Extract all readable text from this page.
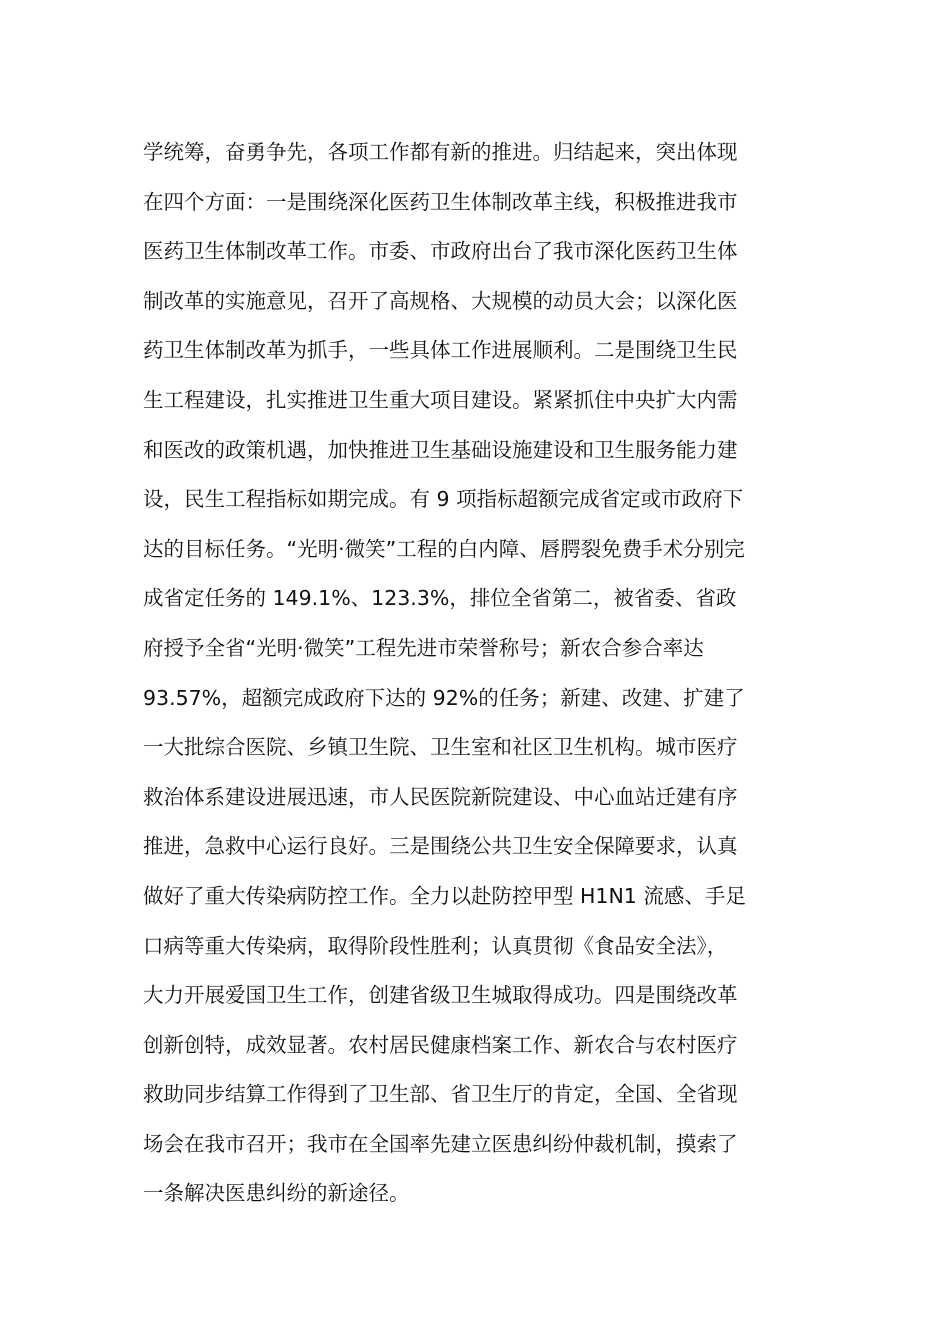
学统筹，奋勇争先，各项工作都有新的推进。归结起来，突出体现
在四个方面：一是围绕深化医药卫生体制改革主线，积极推进我市
医药卫生体制改革工作。市委、市政府出台了我市深化医药卫生体
制改革的实施意见，召开了高规格、大规模的动员大会；以深化医
药卫生体制改革为抓手，一些具体工作进展顺利。二是围绕卫生民
生工程建设，扎实推进卫生重大项目建设。紧紧抓住中央扩大内需
和医改的政策机遇，加快推进卫生基础设施建设和卫生服务能力建
设，民生工程指标如期完成。有 9 项指标超额完成省定或市政府下
达的目标任务。“光明·微笑”工程的白内障、唇腭裂免费手术分别完
成省定任务的 149.1%、123.3%，排位全省第二，被省委、省政
府授予全省“光明·微笑”工程先进市荣誉称号；新农合参合率达
93.57%，超额完成政府下达的 92%的任务；新建、改建、扩建了
一大批综合医院、乡镇卫生院、卫生室和社区卫生机构。城市医疗
救治体系建设进展迅速，市人民医院新院建设、中心血站迁建有序
推进，急救中心运行良好。三是围绕公共卫生安全保障要求，认真
做好了重大传染病防控工作。全力以赴防控甲型 H1N1 流感、手足
口病等重大传染病，取得阶段性胜利；认真贯彻《食品安全法》，
大力开展爱国卫生工作，创建省级卫生城取得成功。四是围绕改革
创新创特，成效显著。农村居民健康档案工作、新农合与农村医疗
救助同步结算工作得到了卫生部、省卫生厅的肯定，全国、全省现
场会在我市召开；我市在全国率先建立医患纠纷仲裁机制，摸索了
一条解决医患纠纷的新途径。
